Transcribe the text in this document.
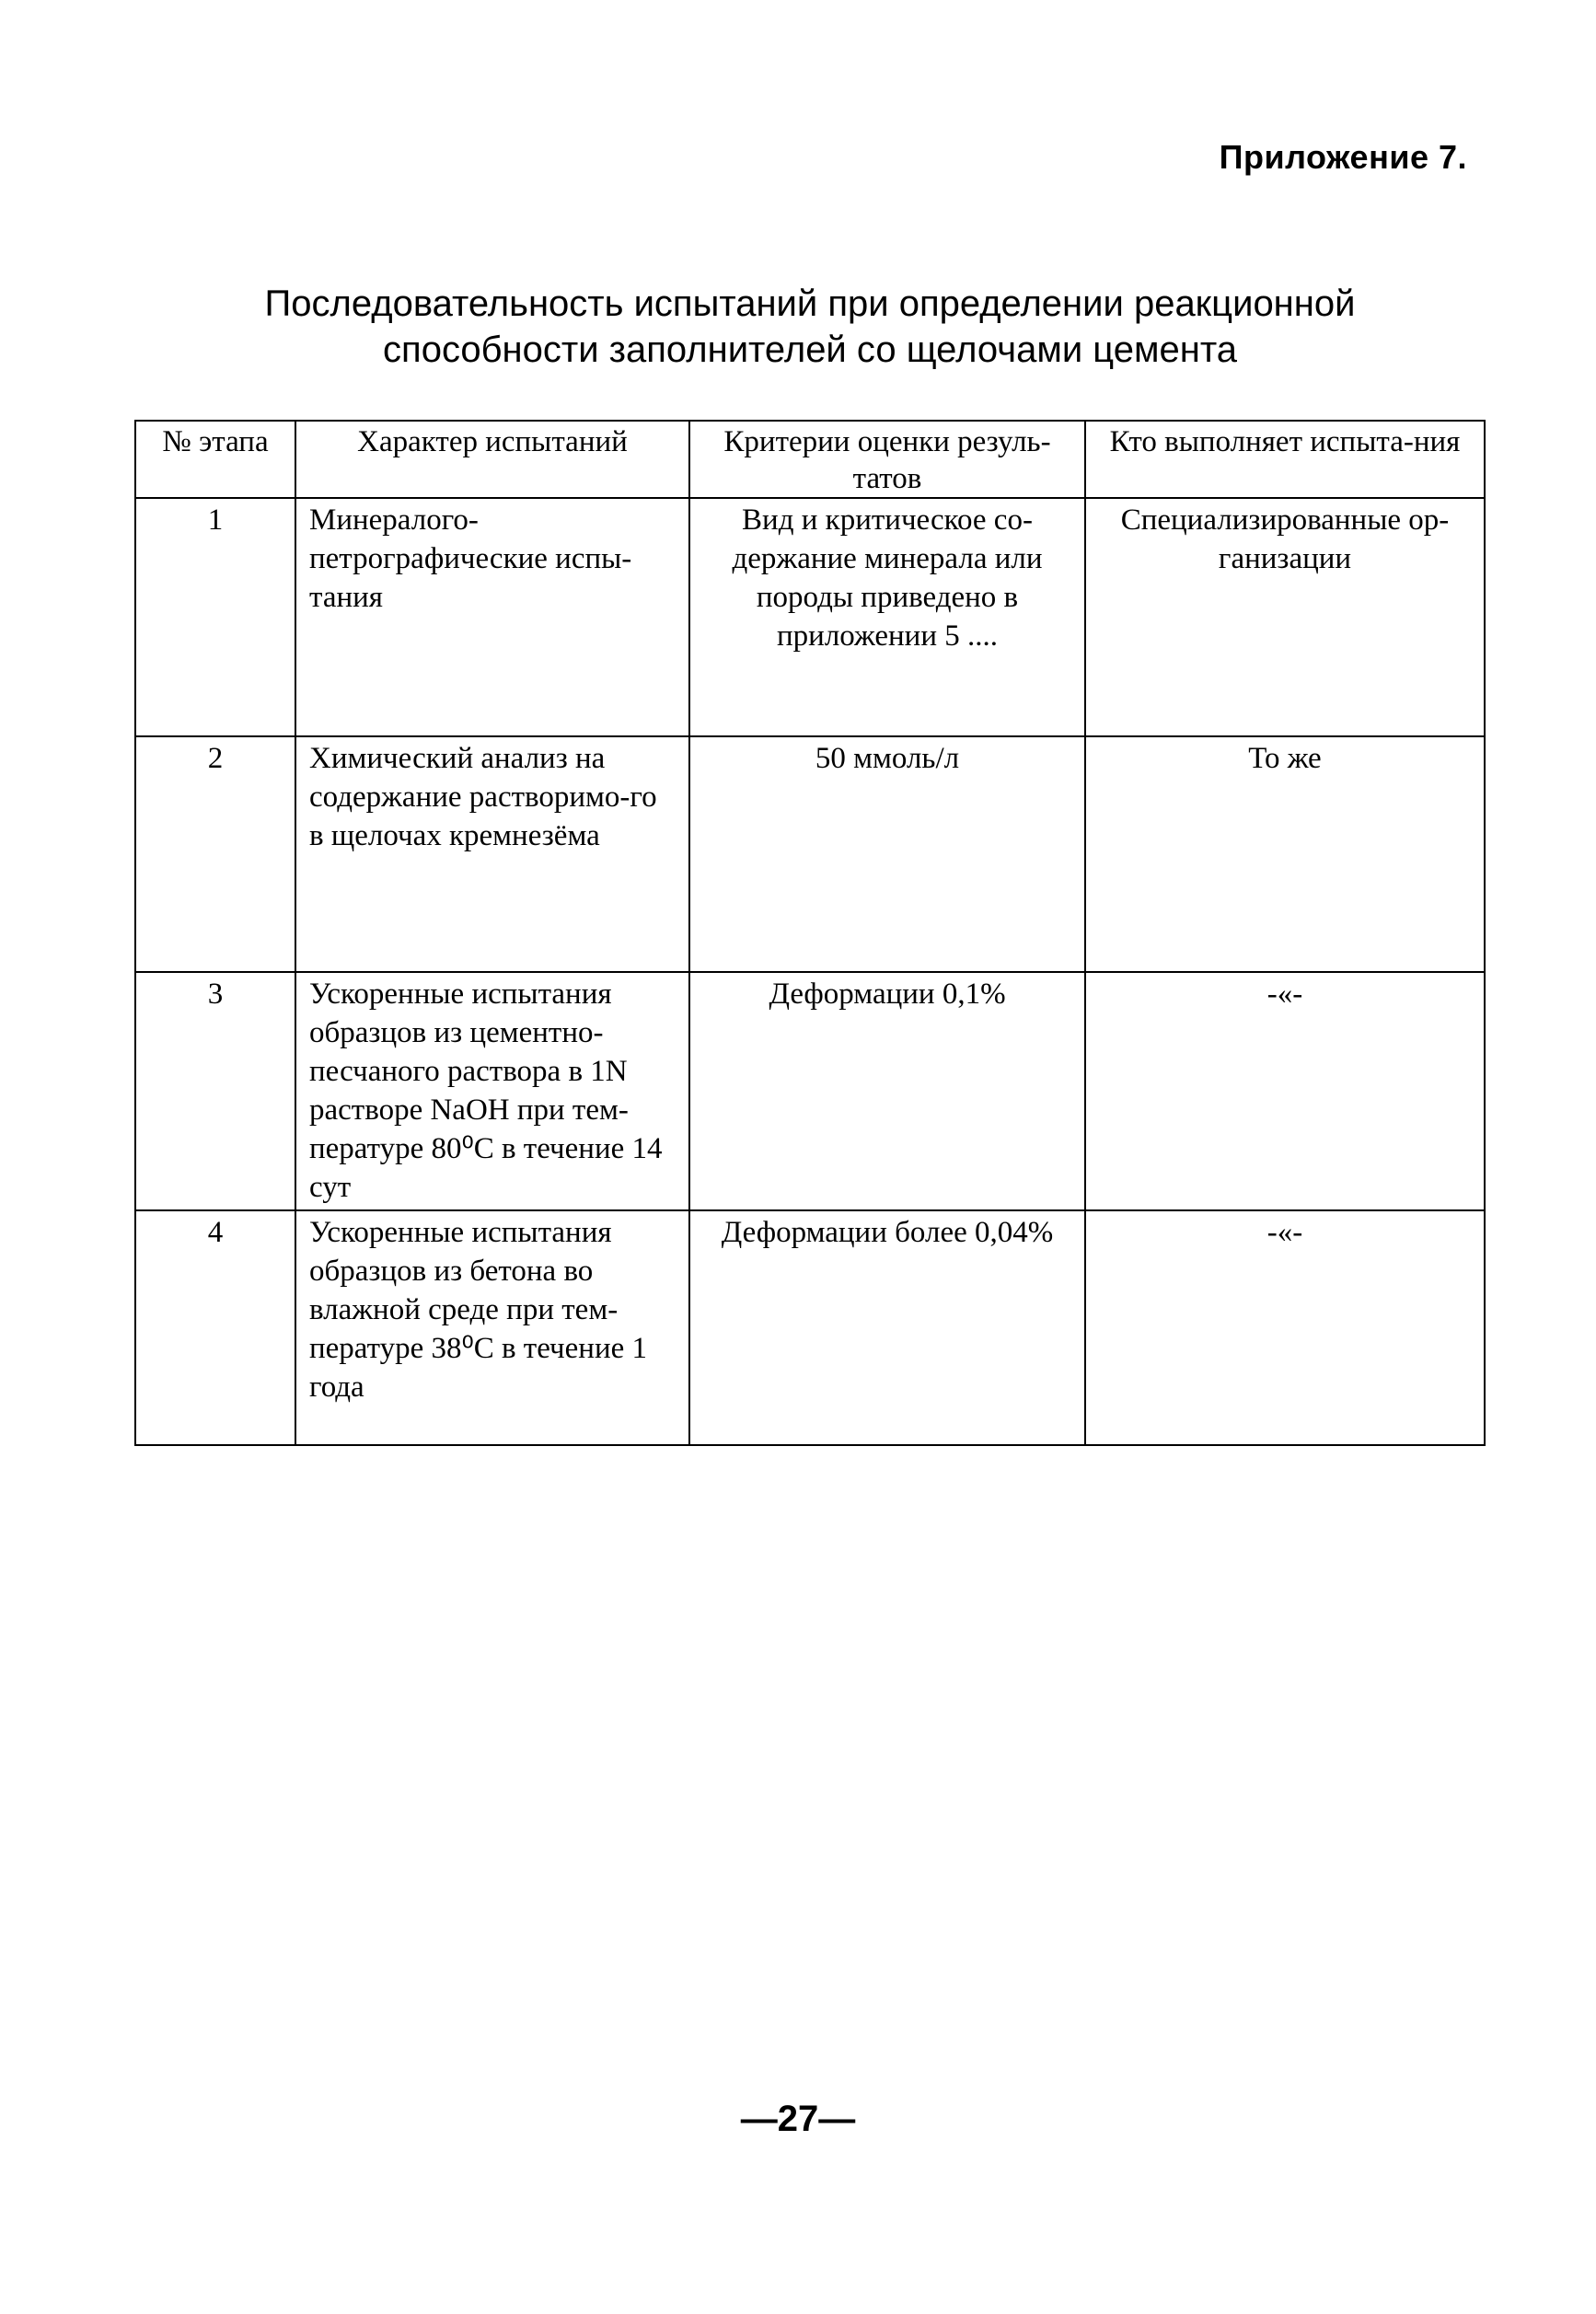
Приложение 7.
Последовательность испытаний при определении реакционной
способности заполнителей со щелочами цемента
№ этапа	Характер испытаний	Критерии оценки резуль-татов	Кто выполняет испыта-ния
1	Минералого-петрографические испы-тания	Вид и критическое со-держание минерала или породы приведено в приложении 5 ....	Специализированные ор-ганизации
2	Химический анализ на содержание растворимо-го в щелочах кремнезёма	50 ммоль/л	То же
3	Ускоренные испытания образцов из цементно-песчаного раствора в 1N растворе NaOH при тем-пературе 80⁰С в течение 14 сут	Деформации 0,1%	-«-
4	Ускоренные испытания образцов из бетона во влажной среде при тем-пературе 38⁰С в течение 1 года	Деформации более 0,04%	-«-
—27—
